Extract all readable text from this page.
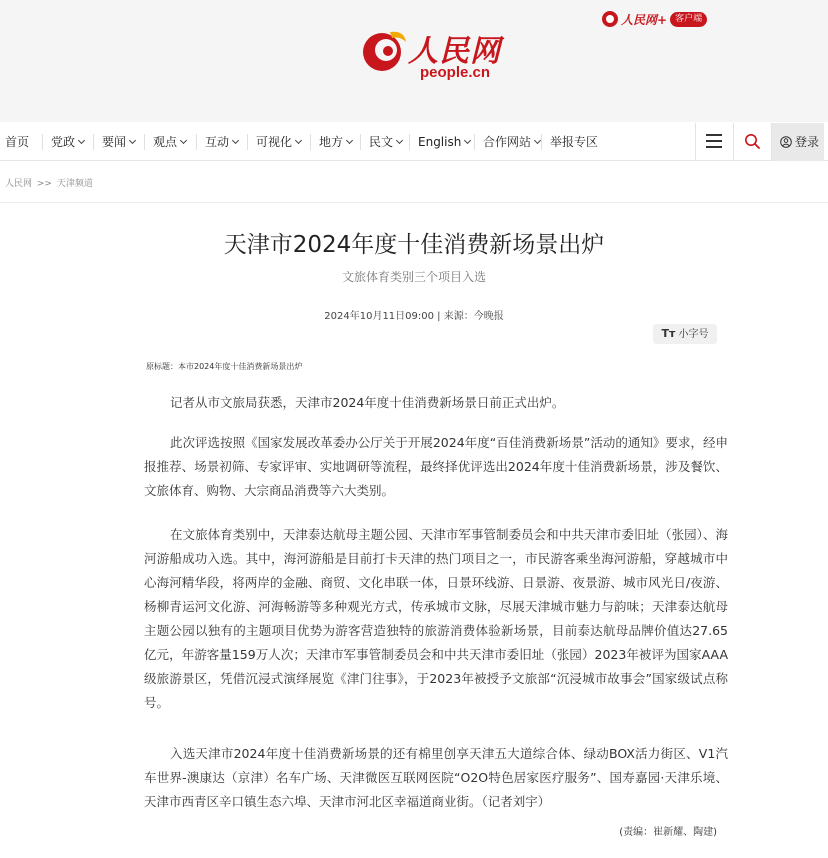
人民网
people.cn
首页 党政	要闻	观点	互动	可视化	地方	民文	English	合作网站	举报专区
人民网+ 客户端
登录
人民网 >> 天津频道
天津市2024年度十佳消费新场景出炉
文旅体育类别三个项目入选
2024年10月11日09:00 | 来源：今晚报
Tт 小字号
原标题：本市2024年度十佳消费新场景出炉

记者从市文旅局获悉，天津市2024年度十佳消费新场景日前正式出炉。

此次评选按照《国家发展改革委办公厅关于开展2024年度“百佳消费新场景”活动的通知》要求，经申报推荐、场景初筛、专家评审、实地调研等流程，最终择优评选出2024年度十佳消费新场景，涉及餐饮、文旅体育、购物、大宗商品消费等六大类别。

在文旅体育类别中，天津泰达航母主题公园、天津市军事管制委员会和中共天津市委旧址（张园）、海河游船成功入选。其中，海河游船是目前打卡天津的热门项目之一，市民游客乘坐海河游船，穿越城市中心海河精华段，将两岸的金融、商贸、文化串联一体，日景环线游、日景游、夜景游、城市风光日/夜游、杨柳青运河文化游、河海畅游等多种观光方式，传承城市文脉，尽展天津城市魅力与韵味；天津泰达航母主题公园以独有的主题项目优势为游客营造独特的旅游消费体验新场景，目前泰达航母品牌价值达27.65亿元，年游客量159万人次；天津市军事管制委员会和中共天津市委旧址（张园）2023年被评为国家AAA级旅游景区，凭借沉浸式演绎展览《津门往事》，于2023年被授予文旅部“沉浸城市故事会”国家级试点称号。

入选天津市2024年度十佳消费新场景的还有棉里创享天津五大道综合体、绿动BOX活力街区、V1汽车世界-澳康达（京津）名车广场、天津微医互联网医院“O2O特色居家医疗服务”、国寿嘉园·天津乐境、天津市西青区辛口镇生态六埠、天津市河北区幸福道商业街。（记者刘宇）

(责编：崔新耀、陶建)
